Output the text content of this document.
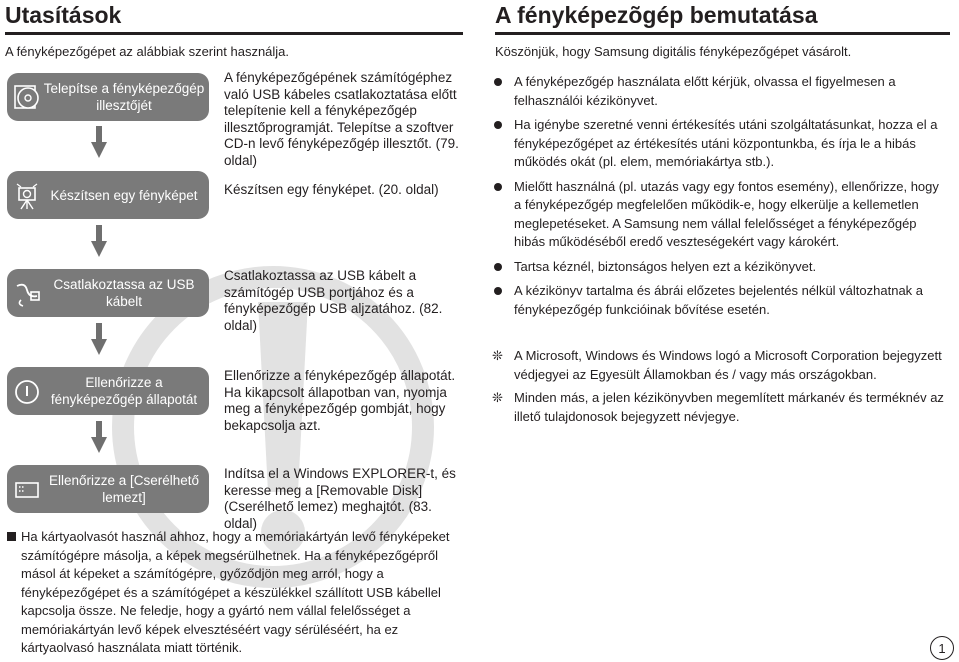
Utasítások
A fényképezőgépet az alábbiak szerint használja.
Telepítse a fényképezőgép illesztőjét
A fényképezőgépének számítógéphez való USB kábeles csatlakoztatása előtt telepítenie kell a fényképezőgép illesztőprogramját. Telepítse a szoftver CD-n levő fényképezőgép illesztőt. (79. oldal)
Készítsen egy fényképet	Készítsen egy fényképet. (20. oldal)
Csatlakoztassa az USB kábelt
Csatlakoztassa az USB kábelt a számítógép USB portjához és a fényképezőgép USB aljzatához. (82. oldal)
Ellenőrizze a fényképezőgép állapotát
Ellenőrizze a fényképezőgép állapotát. Ha kikapcsolt állapotban van, nyomja meg a fényképezőgép gombját, hogy bekapcsolja azt.
Ellenőrizze a [Cserélhető lemezt]
Indítsa el a Windows EXPLORER-t, és keresse meg a [Removable Disk] (Cserélhető lemez) meghajtót. (83. oldal)
Ha kártyaolvasót használ ahhoz, hogy a memóriakártyán levő fényképeket számítógépre másolja, a képek megsérülhetnek. Ha a fényképezőgépről másol át képeket a számítógépre, győződjön meg arról, hogy a fényképezőgépet és a számítógépet a készülékkel szállított USB kábellel kapcsolja össze. Ne feledje, hogy a gyártó nem vállal felelősséget a memóriakártyán levő képek elvesztéséért vagy sérüléséért, ha ez kártyaolvasó használata miatt történik.
A fényképezõgép bemutatása
Köszönjük, hogy Samsung digitális fényképezőgépet vásárolt.
A fényképezőgép használata előtt kérjük, olvassa el figyelmesen a felhasználói kézikönyvet.
Ha igénybe szeretné venni értékesítés utáni szolgáltatásunkat, hozza el a fényképezőgépet az értékesítés utáni központunkba, és írja le a hibás működés okát (pl. elem, memóriakártya stb.).
Mielőtt használná (pl. utazás vagy egy fontos esemény), ellenőrizze, hogy a fényképezőgép megfelelően működik-e, hogy elkerülje a kellemetlen meglepetéseket. A Samsung nem vállal felelősséget a fényképezőgép hibás működéséből eredő veszteségekért vagy károkért.
Tartsa kéznél, biztonságos helyen ezt a kézikönyvet.
A kézikönyv tartalma és ábrái előzetes bejelentés nélkül változhatnak a fényképezőgép funkcióinak bővítése esetén.
❊ A Microsoft, Windows és Windows logó a Microsoft Corporation bejegyzett védjegyei az Egyesült Államokban és / vagy más országokban.
❊ Minden más, a jelen kézikönyvben megemlített márkanév és terméknév az illető tulajdonosok bejegyzett névjegye.
1
